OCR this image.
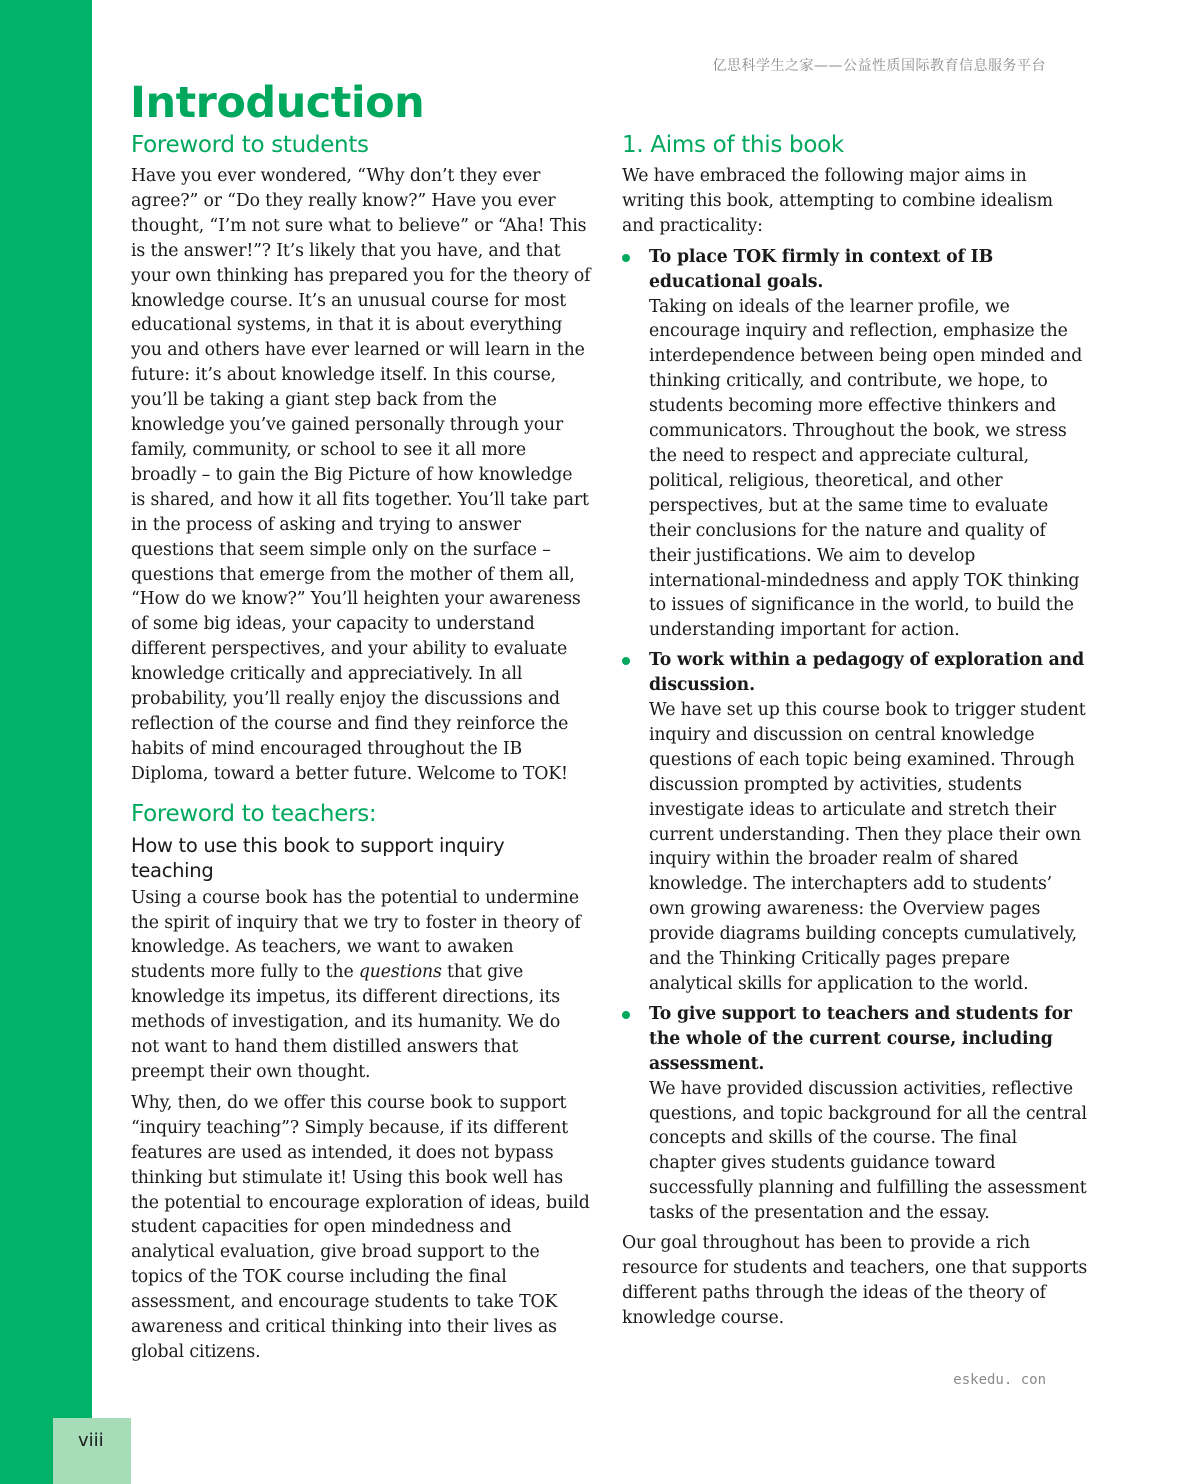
viii
亿思科学生之家——公益性质国际教育信息服务平台
Introduction
Foreword to students

Have you ever wondered, “Why don’t they ever agree?” or “Do they really know?” Have you ever thought, “I’m not sure what to believe” or “Aha! This is the answer!”? It’s likely that you have, and that your own thinking has prepared you for the theory of knowledge course. It’s an unusual course for most educational systems, in that it is about everything you and others have ever learned or will learn in the future: it’s about knowledge itself. In this course, you’ll be taking a giant step back from the knowledge you’ve gained personally through your family, community, or school to see it all more broadly – to gain the Big Picture of how knowledge is shared, and how it all fits together. You’ll take part in the process of asking and trying to answer questions that seem simple only on the surface – questions that emerge from the mother of them all, “How do we know?” You’ll heighten your awareness of some big ideas, your capacity to understand different perspectives, and your ability to evaluate knowledge critically and appreciatively. In all probability, you’ll really enjoy the discussions and reflection of the course and find they reinforce the habits of mind encouraged throughout the IB Diploma, toward a better future. Welcome to TOK!

Foreword to teachers:
How to use this book to support inquiry teaching

Using a course book has the potential to undermine the spirit of inquiry that we try to foster in theory of knowledge. As teachers, we want to awaken students more fully to the questions that give knowledge its impetus, its different directions, its methods of investigation, and its humanity. We do not want to hand them distilled answers that preempt their own thought.

Why, then, do we offer this course book to support “inquiry teaching”? Simply because, if its different features are used as intended, it does not bypass thinking but stimulate it! Using this book well has the potential to encourage exploration of ideas, build student capacities for open mindedness and analytical evaluation, give broad support to the topics of the TOK course including the final assessment, and encourage students to take TOK awareness and critical thinking into their lives as global citizens.

1. Aims of this book

We have embraced the following major aims in writing this book, attempting to combine idealism and practicality:

To place TOK firmly in context of IB educational goals.

Taking on ideals of the learner profile, we encourage inquiry and reflection, emphasize the interdependence between being open minded and thinking critically, and contribute, we hope, to students becoming more effective thinkers and communicators. Throughout the book, we stress the need to respect and appreciate cultural, political, religious, theoretical, and other perspectives, but at the same time to evaluate their conclusions for the nature and quality of their justifications. We aim to develop international-mindedness and apply TOK thinking to issues of significance in the world, to build the understanding important for action.

To work within a pedagogy of exploration and discussion.

We have set up this course book to trigger student inquiry and discussion on central knowledge questions of each topic being examined. Through discussion prompted by activities, students investigate ideas to articulate and stretch their current understanding. Then they place their own inquiry within the broader realm of shared knowledge. The interchapters add to students’ own growing awareness: the Overview pages provide diagrams building concepts cumulatively, and the Thinking Critically pages prepare analytical skills for application to the world.

To give support to teachers and students for the whole of the current course, including assessment.

We have provided discussion activities, reflective questions, and topic background for all the central concepts and skills of the course. The final chapter gives students guidance toward successfully planning and fulfilling the assessment tasks of the presentation and the essay.

Our goal throughout has been to provide a rich resource for students and teachers, one that supports different paths through the ideas of the theory of knowledge course.

eskedu. con
